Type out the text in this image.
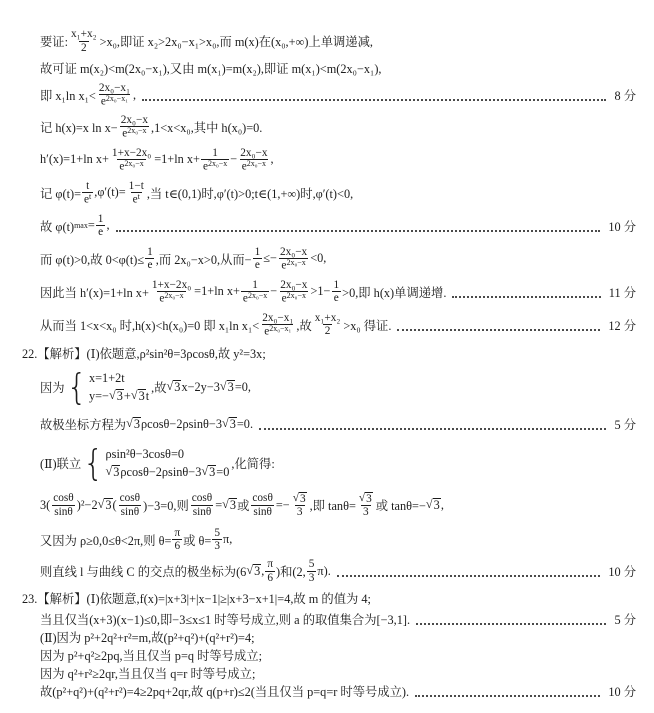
要证: $\frac{\text{x₁+x₂}}{2} >x_0$,即证 x₂>2x₀−x₁>x₀,而 m(x)在(x₀,+∞)上单调递减,
故可证 m(x₂)<m(2x₀−x₁),又由 m(x₁)=m(x₂),即证 m(x₁)<m(2x₀−x₁),
即 x₁ln $x_1< \frac{\text{2x₀−x₁}}{e^{2x_0-x_1}}$ ,	8 分
记 h(x)=x $\ln x- \frac{\text{2x₀−x}}{e^{2x_0-x}} ,1<x<x_0$,其中 h(x₀)=0.
h′(x)=1+ln $x+ \frac{\text{1+x−2x₀}}{e^{2x_0-x}} =1+\ln$ $x+ \frac{1}{e^{2x_0-x}} - \frac{\text{2x₀−x}}{e^{2x_0-x}}$ ,
记 $\varphi(t)= \frac{t}{e^t} ,\varphi'(t)= \frac{1-t}{e^t}$ ,当 t∈(0,1)时,φ′(t)>0;t∈(1,+∞)时,φ′(t)<0,
故 φ(t) $\max = \frac{1}{e}$ ,	10 分
而 φ(t)>0,故 $0<\varphi(t)\le \frac{1}{e}$ ,而 2x₀−x>0,从而− $\frac{1}{e} \le- \frac{\text{2x₀−x}}{e^{2x_0-x}} <0$,
因此当 h′(x)=1+ln $x+ \frac{\text{1+x−2x₀}}{e^{2x_0-x}} =1+\ln$ $x+ \frac{1}{e^{2x_0-x}} - \frac{\text{2x₀−x}}{e^{2x_0-x}} >1- \frac{1}{e} >0$,即 h(x)单调递增.	11 分
从而当 1<x<x₀ 时,h(x)<h(x₀)=0 即 x₁ln $x_1< \frac{\text{2x₀−x₁}}{e^{2x_0-x_1}}$ ,故 $\frac{\text{x₁+x₂}}{2} >x_0$ 得证.	12 分
22.【解析】(Ⅰ)依题意,ρ²sin²θ=3ρcosθ,故 y²=3x;
因为 { x=1+2t
y=− √ 3 + √ 3 t
,故 √ 3 x−2y−3 √ 3 =0,
故极坐标方程为 √ 3 ρcosθ−2ρsinθ−3 √ 3 =0.	5 分
(Ⅱ)联立 { ρsin²θ−3cosθ=0
√ 3 ρcosθ−2ρsinθ−3 √ 3 =0
,化简得:
$3( \frac{\cos\theta}{\sin\theta} )^2-2$ √ 3 ( $\frac{\cos\theta}{\sin\theta} )-3=0$,则 $\frac{\cos\theta}{\sin\theta}$ = √ 3 或 $\frac{\cos\theta}{\sin\theta} =- \frac{√ 3}{3}$ ,即 $\tan\theta= \frac{√ 3}{3}$ 或 tanθ=− √ 3 ,
又因为 ρ≥0,0≤θ<2π,则 $\theta= \frac{\pi}{6}$ 或 $\theta= \frac{5}{3} \pi$,
则直线 l 与曲线 C 的交点的极坐标为(6 √ 3 , $\frac{\pi}{6}$ )和(2, $\frac{5}{3} \pi$).	10 分
23.【解析】(Ⅰ)依题意,f(x)=|x+3|+|x−1|≥|x+3−x+1|=4,故 m 的值为 4;
当且仅当(x+3)(x−1)≤0,即−3≤x≤1 时等号成立,则 a 的取值集合为[−3,1].	5 分
(Ⅱ)因为 p²+2q²+r²=m,故(p²+q²)+(q²+r²)=4;
因为 p²+q²≥2pq,当且仅当 p=q 时等号成立;
因为 q²+r²≥2qr,当且仅当 q=r 时等号成立;
故(p²+q²)+(q²+r²)=4≥2pq+2qr,故 q(p+r)≤2(当且仅当 p=q=r 时等号成立).	10 分
